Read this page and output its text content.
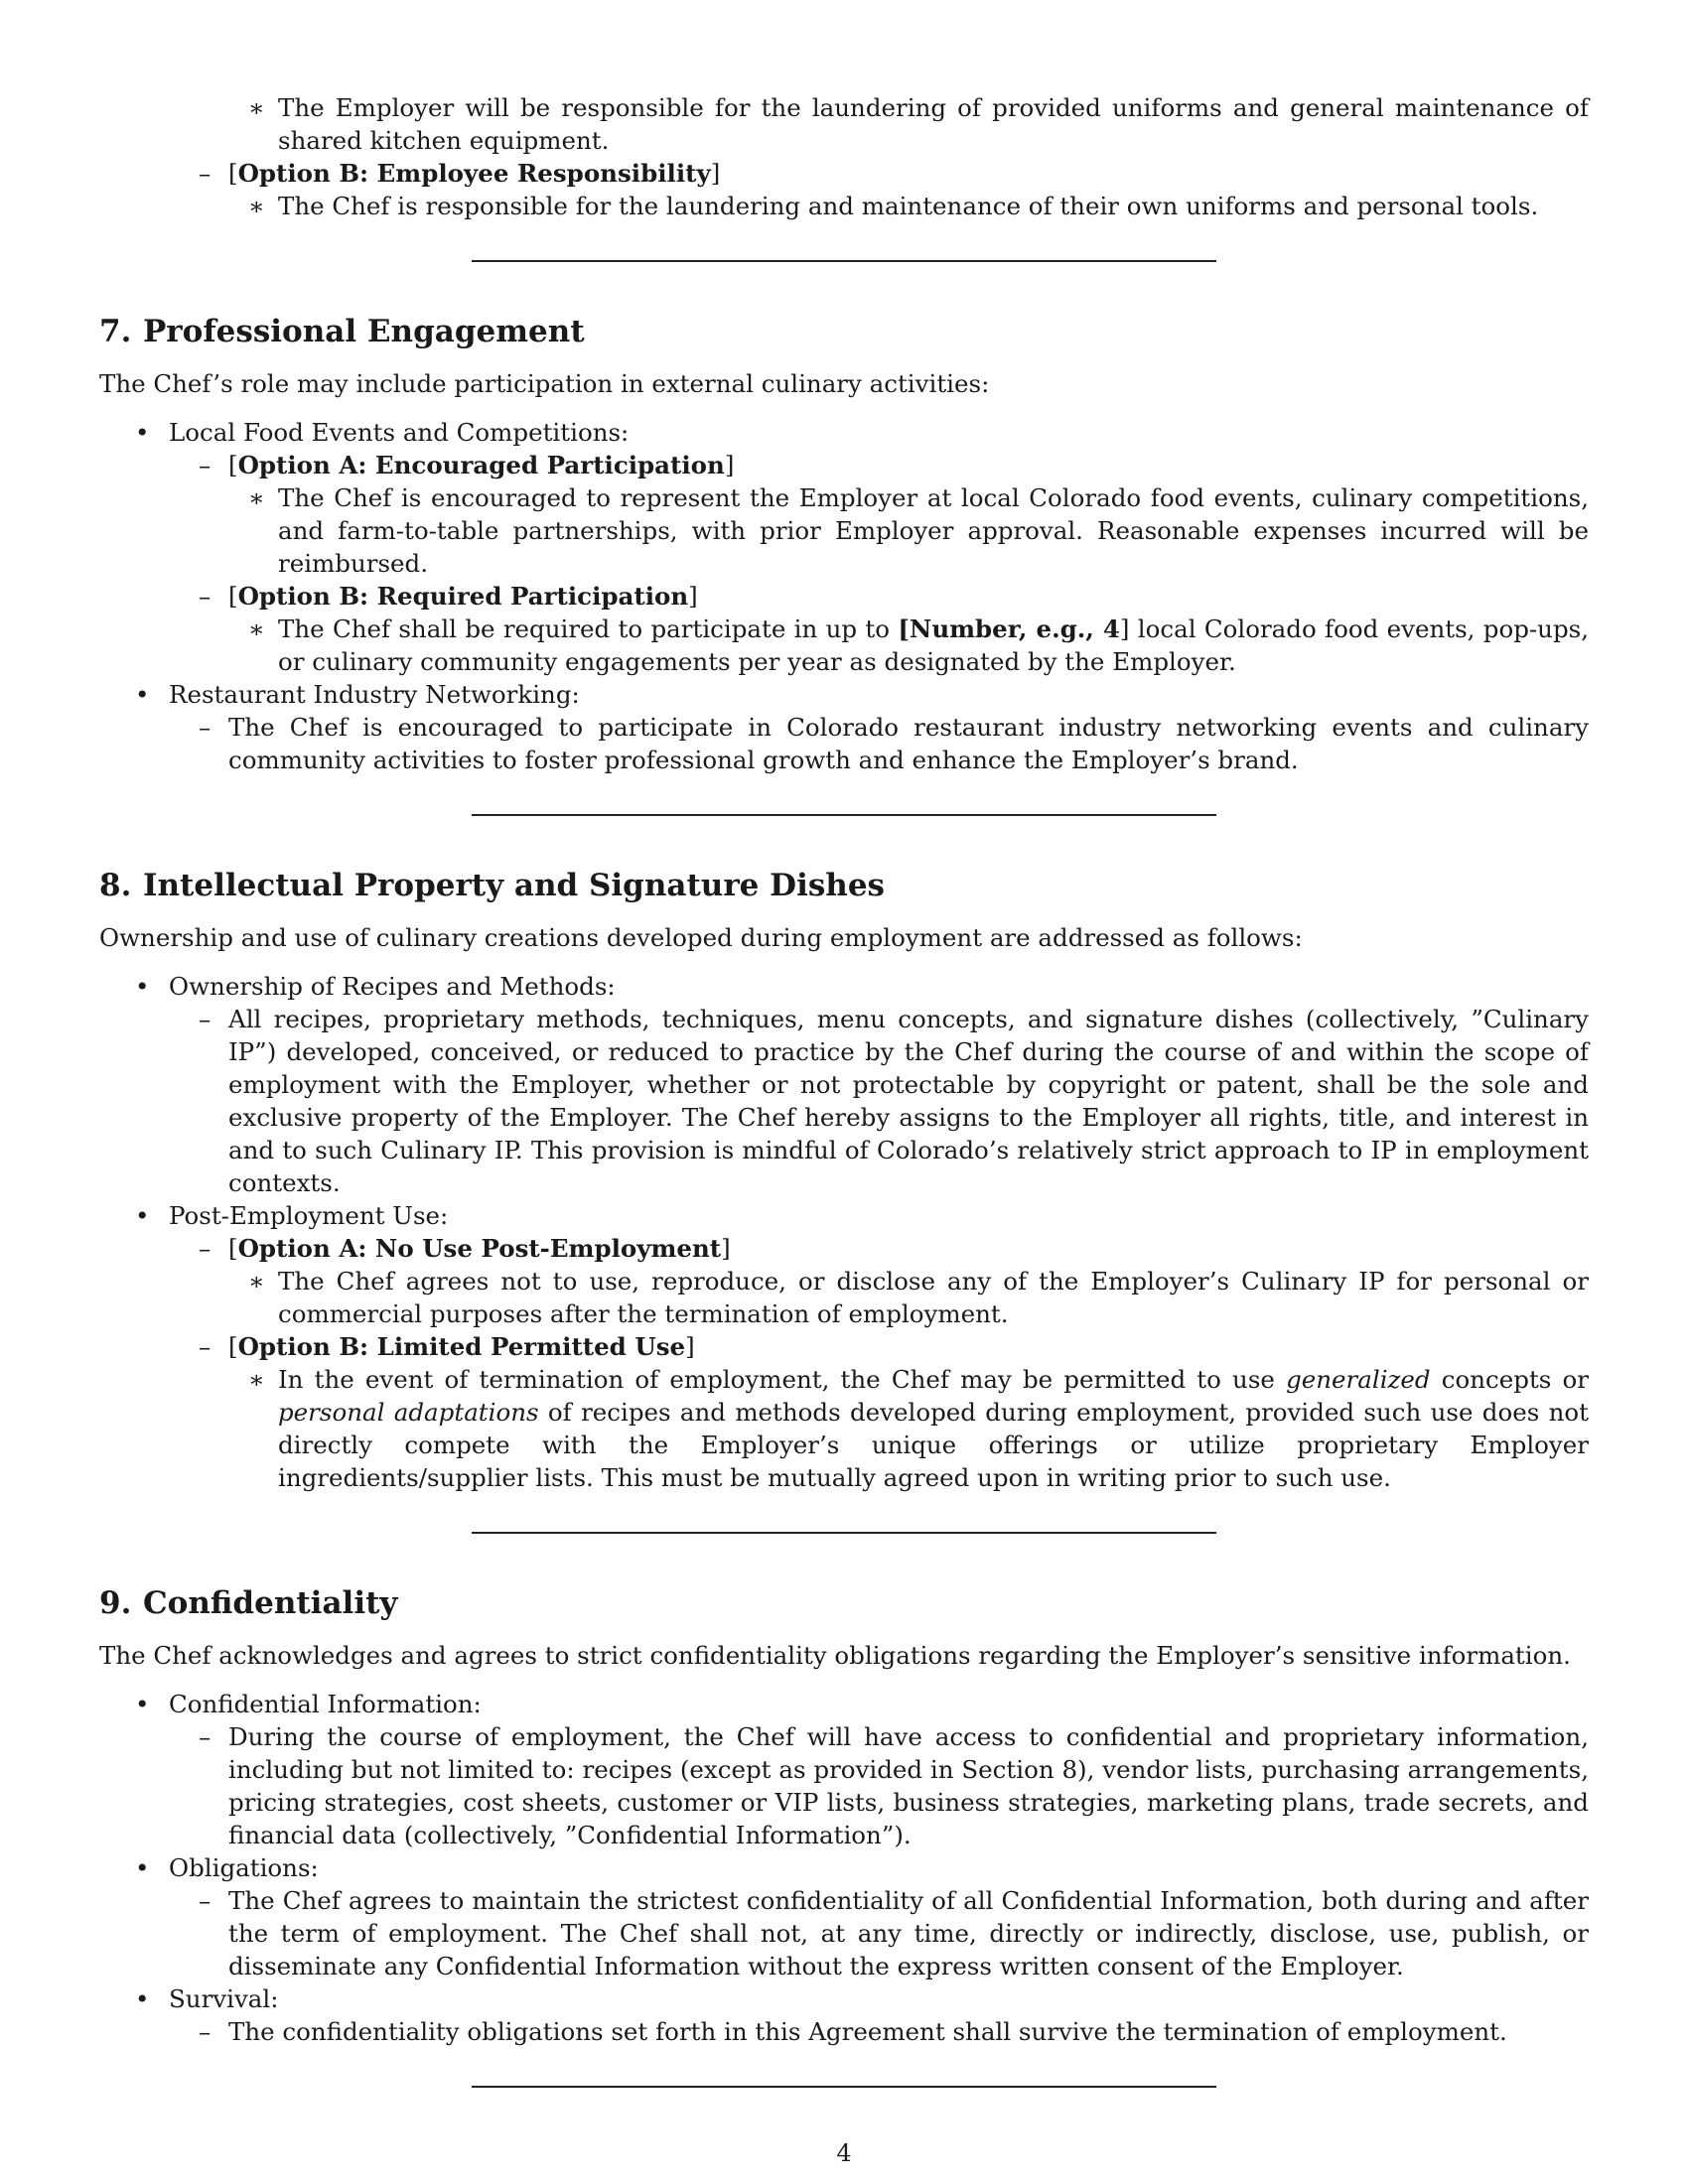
∗ The Employer will be responsible for the laundering of provided uniforms and general maintenance of shared kitchen equipment.
– [Option B: Employee Responsibility]
∗ The Chef is responsible for the laundering and maintenance of their own uniforms and personal tools.
7. Professional Engagement
The Chef’s role may include participation in external culinary activities:
• Local Food Events and Competitions:
– [Option A: Encouraged Participation]
∗ The Chef is encouraged to represent the Employer at local Colorado food events, culinary competitions, and farm-to-table partnerships, with prior Employer approval. Reasonable expenses incurred will be reimbursed.
– [Option B: Required Participation]
∗ The Chef shall be required to participate in up to [Number, e.g., 4] local Colorado food events, pop-ups, or culinary community engagements per year as designated by the Employer.
• Restaurant Industry Networking:
– The Chef is encouraged to participate in Colorado restaurant industry networking events and culinary community activities to foster professional growth and enhance the Employer’s brand.
8. Intellectual Property and Signature Dishes
Ownership and use of culinary creations developed during employment are addressed as follows:
• Ownership of Recipes and Methods:
– All recipes, proprietary methods, techniques, menu concepts, and signature dishes (collectively, ”Culinary IP”) developed, conceived, or reduced to practice by the Chef during the course of and within the scope of employment with the Employer, whether or not protectable by copyright or patent, shall be the sole and exclusive property of the Employer. The Chef hereby assigns to the Employer all rights, title, and interest in and to such Culinary IP. This provision is mindful of Colorado’s relatively strict approach to IP in employment contexts.
• Post-Employment Use:
– [Option A: No Use Post-Employment]
∗ The Chef agrees not to use, reproduce, or disclose any of the Employer’s Culinary IP for personal or commercial purposes after the termination of employment.
– [Option B: Limited Permitted Use]
∗ In the event of termination of employment, the Chef may be permitted to use generalized concepts or personal adaptations of recipes and methods developed during employment, provided such use does not directly compete with the Employer’s unique offerings or utilize proprietary Employer ingredients/supplier lists. This must be mutually agreed upon in writing prior to such use.
9. Confidentiality
The Chef acknowledges and agrees to strict confidentiality obligations regarding the Employer’s sensitive information.
• Confidential Information:
– During the course of employment, the Chef will have access to confidential and proprietary information, including but not limited to: recipes (except as provided in Section 8), vendor lists, purchasing arrangements, pricing strategies, cost sheets, customer or VIP lists, business strategies, marketing plans, trade secrets, and financial data (collectively, ”Confidential Information”).
• Obligations:
– The Chef agrees to maintain the strictest confidentiality of all Confidential Information, both during and after the term of employment. The Chef shall not, at any time, directly or indirectly, disclose, use, publish, or disseminate any Confidential Information without the express written consent of the Employer.
• Survival:
– The confidentiality obligations set forth in this Agreement shall survive the termination of employment.
4
